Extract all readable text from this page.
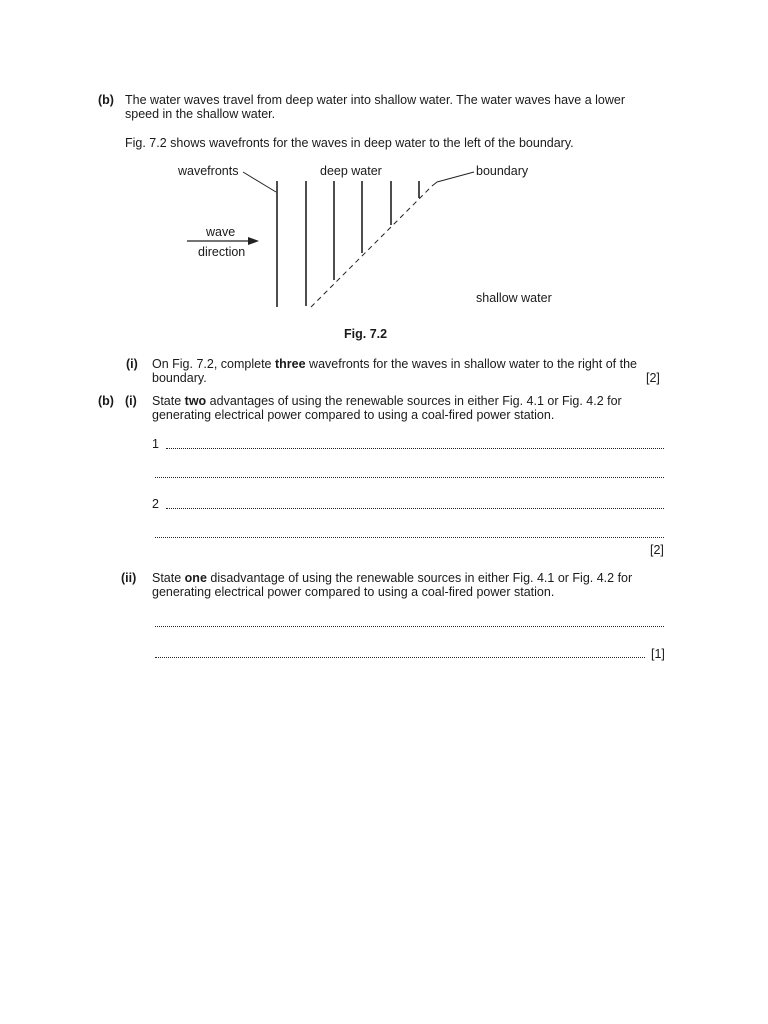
(b) The water waves travel from deep water into shallow water. The water waves have a lower
speed in the shallow water.
Fig. 7.2 shows wavefronts for the waves in deep water to the left of the boundary.
wavefronts	deep water	boundary
wave
direction
shallow water
Fig. 7.2
(i) On Fig. 7.2, complete three wavefronts for the waves in shallow water to the right of the
boundary.	[2]
(b) (i) State two advantages of using the renewable sources in either Fig. 4.1 or Fig. 4.2 for
generating electrical power compared to using a coal-fired power station.
1
2
[2]
(ii) State one disadvantage of using the renewable sources in either Fig. 4.1 or Fig. 4.2 for
generating electrical power compared to using a coal-fired power station.
[1]
